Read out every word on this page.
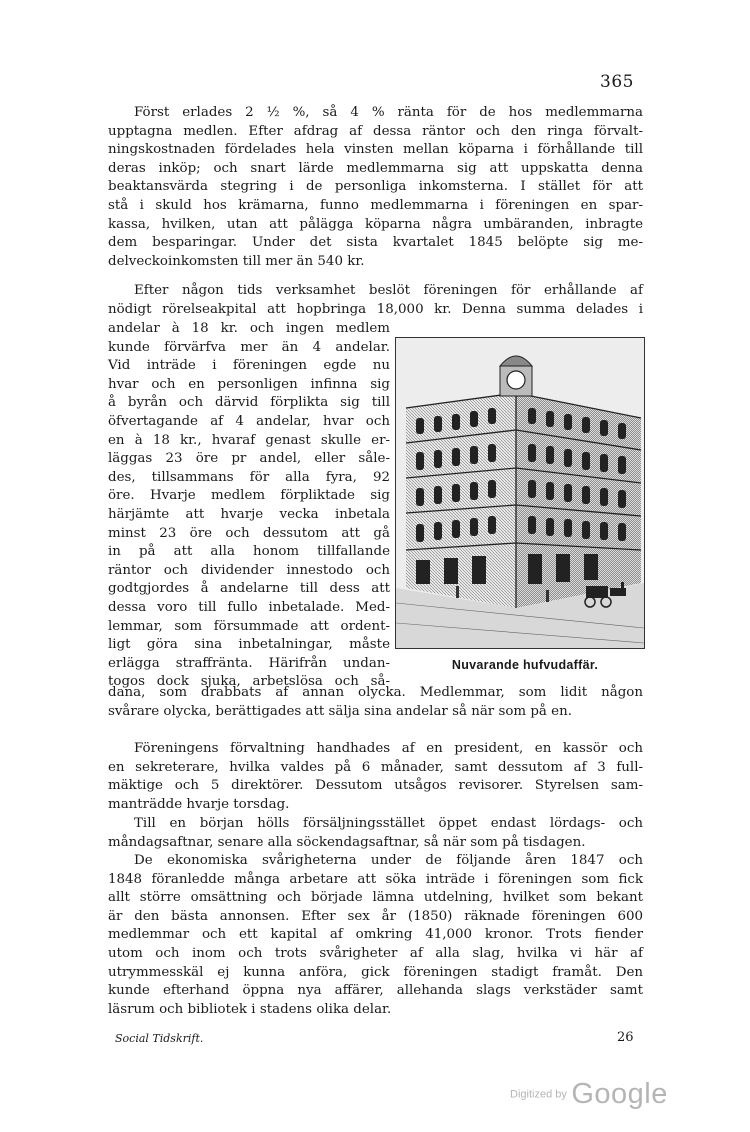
365
Först erlades 2 ½ %, så 4 % ränta för de hos medlemmarna
upptagna medlen. Efter afdrag af dessa räntor och den ringa förvalt-
ningskostnaden fördelades hela vinsten mellan köparna i förhållande till
deras inköp; och snart lärde medlemmarna sig att uppskatta denna
beaktansvärda stegring i de personliga inkomsterna. I stället för att
stå i skuld hos krämarna, funno medlemmarna i föreningen en spar-
kassa, hvilken, utan att pålägga köparna några umbäranden, inbragte
dem besparingar. Under det sista kvartalet 1845 belöpte sig me-
delveckoinkomsten till mer än 540 kr.
Efter någon tids verksamhet beslöt föreningen för erhållande af
nödigt rörelseakpital att hopbringa 18,000 kr. Denna summa delades i
andelar à 18 kr. och ingen medlem
kunde förvärfva mer än 4 andelar.
Vid inträde i föreningen egde nu
hvar och en personligen infinna sig
å byrån och därvid förplikta sig till
öfvertagande af 4 andelar, hvar och
en à 18 kr., hvaraf genast skulle er-
läggas 23 öre pr andel, eller såle-
des, tillsammans för alla fyra, 92
öre. Hvarje medlem förpliktade sig
härjämte att hvarje vecka inbetala
minst 23 öre och dessutom att gå
in på att alla honom tillfallande
räntor och dividender innestodo och
godtgjordes å andelarne till dess att
dessa voro till fullo inbetalade. Med-
lemmar, som försummade att ordent-
ligt göra sina inbetalningar, måste
erlägga straffränta. Härifrån undan-
togos dock sjuka, arbetslösa och så-
Nuvarande hufvudaffär.
dana, som drabbats af annan olycka. Medlemmar, som lidit någon
svårare olycka, berättigades att sälja sina andelar så när som på en.
Föreningens förvaltning handhades af en president, en kassör och
en sekreterare, hvilka valdes på 6 månader, samt dessutom af 3 full-
mäktige och 5 direktörer. Dessutom utsågos revisorer. Styrelsen sam-
manträdde hvarje torsdag.
Till en början hölls försäljningsstället öppet endast lördags- och
måndagsaftnar, senare alla söckendagsaftnar, så när som på tisdagen.
De ekonomiska svårigheterna under de följande åren 1847 och
1848 föranledde många arbetare att söka inträde i föreningen som fick
allt större omsättning och började lämna utdelning, hvilket som bekant
är den bästa annonsen. Efter sex år (1850) räknade föreningen 600
medlemmar och ett kapital af omkring 41,000 kronor. Trots fiender
utom och inom och trots svårigheter af alla slag, hvilka vi här af
utrymmesskäl ej kunna anföra, gick föreningen stadigt framåt. Den
kunde efterhand öppna nya affärer, allehanda slags verkstäder samt
läsrum och bibliotek i stadens olika delar.
Social Tidskrift.	26
Digitized by Google
